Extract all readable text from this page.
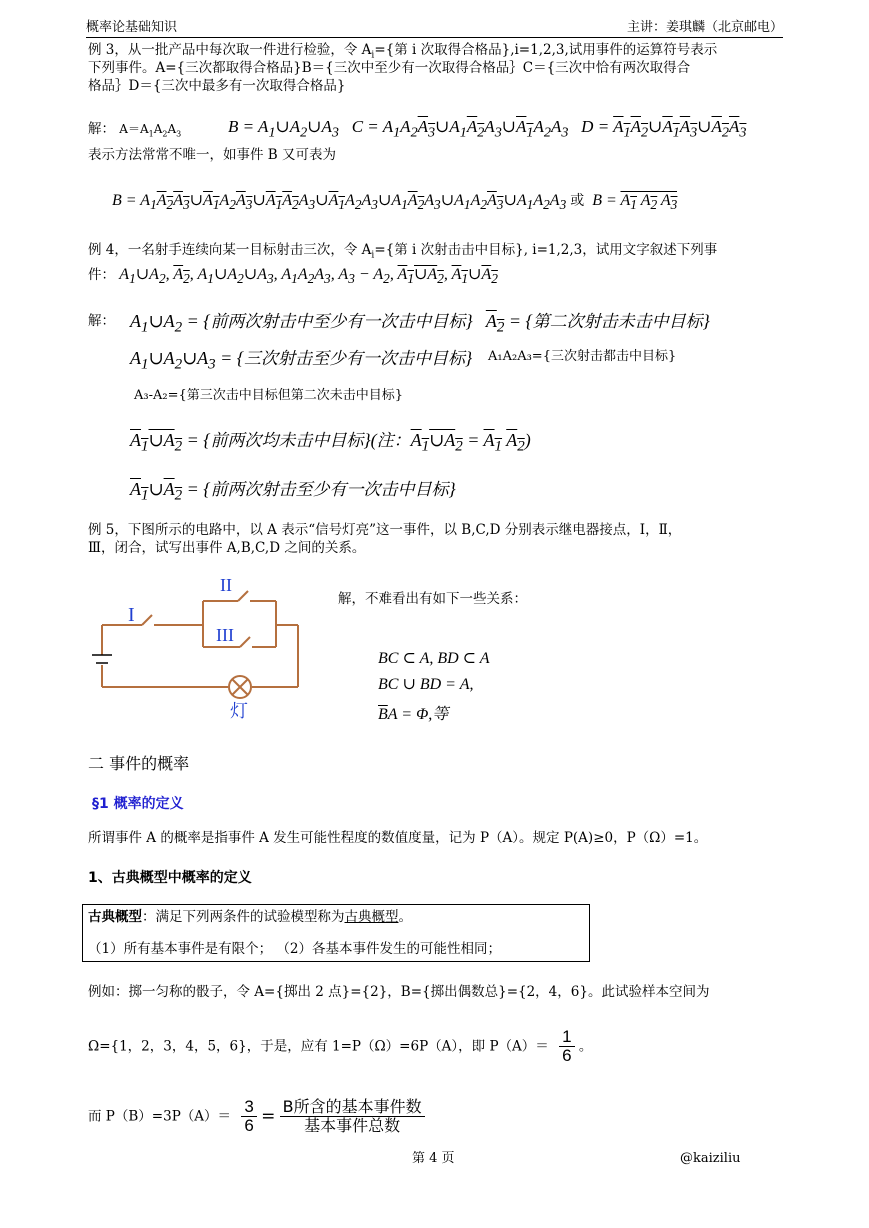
概率论基础知识	主讲：姜琪麟（北京邮电）
例 3，从一批产品中每次取一件进行检验，令 $A_i=${第 i 次取得合格品},i=1,2,3,试用事件的运算符号表示
下列事件。A={三次都取得合格品}B＝{三次中至少有一次取得合格品｝C＝{三次中恰有两次取得合
格品｝D＝{三次中最多有一次取得合格品}
解： $A=A_1A_2A_3$	$B = A_1\cup A_2\cup A_3$   $C = A_1A_2A_3\cup A_1A_2A_3\cup A_1A_2A_3$   $D = A_1A_2\cup A_1A_3\cup A_2A_3$
表示方法常常不唯一，如事件 B 又可表为
$B = A_1A_2A_3\cup A_1A_2A_3\cup A_1A_2A_3\cup A_1A_2A_3\cup A_1A_2A_3\cup A_1A_2A_3\cup A_1A_2A_3$ 或  $B = A_1$ $A_2$ $A_3$
例 4，一名射手连续向某一目标射击三次，令 $A_i=${第 i 次射击击中目标}, i=1,2,3，试用文字叙述下列事
件： $A_1\cup A_2$, $A_2$, $A_1\cup A_2\cup A_3$, $A_1A_2A_3$, $A_3 - A_2$, $A_1\cup A_2$, $A_1\cup A_2$
解： $A_1\cup A_2$ = {前两次射击中至少有一次击中目标}   $A_2$ = {第二次射击未击中目标}
$A_1\cup A_2\cup A_3$ = {三次射击至少有一次击中目标} A₁A₂A₃={三次射击都击中目标}
A₃-A₂={第三次击中目标但第二次未击中目标}
$A_1\cup A_2$ = {前两次均未击中目标}(注：$A_1\cup A_2 = A_1$ $A_2$)
$A_1\cup A_2$ = {前两次射击至少有一次击中目标}
例 5，下图所示的电路中，以 A 表示“信号灯亮”这一事件，以 B,C,D 分别表示继电器接点，Ⅰ，Ⅱ，
Ⅲ，闭合，试写出事件 A,B,C,D 之间的关系。
I
II
III
灯
解，不难看出有如下一些关系：
BC ⊂ A, BD ⊂ A
BC ∪ BD = A,
$\overline{B}A = \Phi$,等
二 事件的概率
§1 概率的定义
所谓事件 A 的概率是指事件 A 发生可能性程度的数值度量，记为 P（A）。规定 P(A)≥0，P（Ω）=1。
1、古典概型中概率的定义
古典概型：满足下列两条件的试验模型称为古典概型。
（1）所有基本事件是有限个； （2）各基本事件发生的可能性相同；
例如：掷一匀称的骰子，令 A={掷出 2 点}={2}，B={掷出偶数总}={2，4，6}。此试验样本空间为
Ω={1，2，3，4，5，6}，于是，应有 1=P（Ω）=6P（A），即 $P(A)= \frac{1}{6}$ 。
而 $P(B)=3P(A)= \frac{3}{6} = \frac{\text{B所含的基本事件数}}{\text{基本事件总数}}$
第 4 页	@kaiziliu
